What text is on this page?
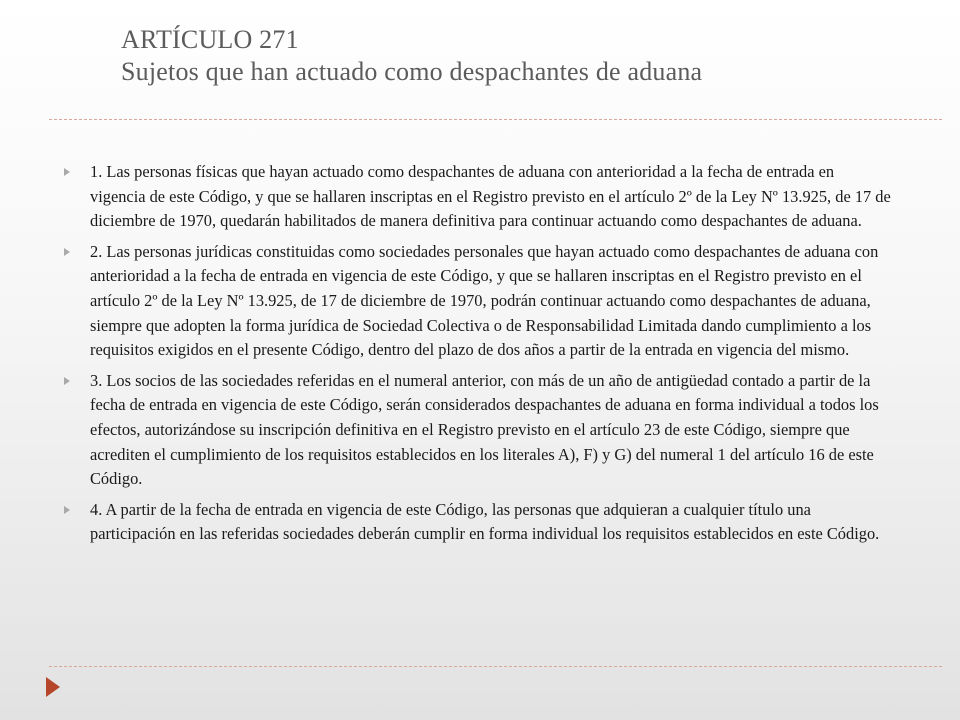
ARTÍCULO 271
Sujetos que han actuado como despachantes de aduana
1. Las personas físicas que hayan actuado como despachantes de aduana con anterioridad a la fecha de entrada en vigencia de este Código, y que se hallaren inscriptas en el Registro previsto en el artículo 2º de la Ley Nº 13.925, de 17 de diciembre de 1970, quedarán habilitados de manera definitiva para continuar actuando como despachantes de aduana.
2. Las personas jurídicas constituidas como sociedades personales que hayan actuado como despachantes de aduana con anterioridad a la fecha de entrada en vigencia de este Código, y que se hallaren inscriptas en el Registro previsto en el artículo 2º de la Ley Nº 13.925, de 17 de diciembre de 1970, podrán continuar actuando como despachantes de aduana, siempre que adopten la forma jurídica de Sociedad Colectiva o de Responsabilidad Limitada dando cumplimiento a los requisitos exigidos en el presente Código, dentro del plazo de dos años a partir de la entrada en vigencia del mismo.
3. Los socios de las sociedades referidas en el numeral anterior, con más de un año de antigüedad contado a partir de la fecha de entrada en vigencia de este Código, serán considerados despachantes de aduana en forma individual a todos los efectos, autorizándose su inscripción definitiva en el Registro previsto en el artículo 23 de este Código, siempre que acrediten el cumplimiento de los requisitos establecidos en los literales A), F) y G) del numeral 1 del artículo 16 de este Código.
4. A partir de la fecha de entrada en vigencia de este Código, las personas que adquieran a cualquier título una participación en las referidas sociedades deberán cumplir en forma individual los requisitos establecidos en este Código.
